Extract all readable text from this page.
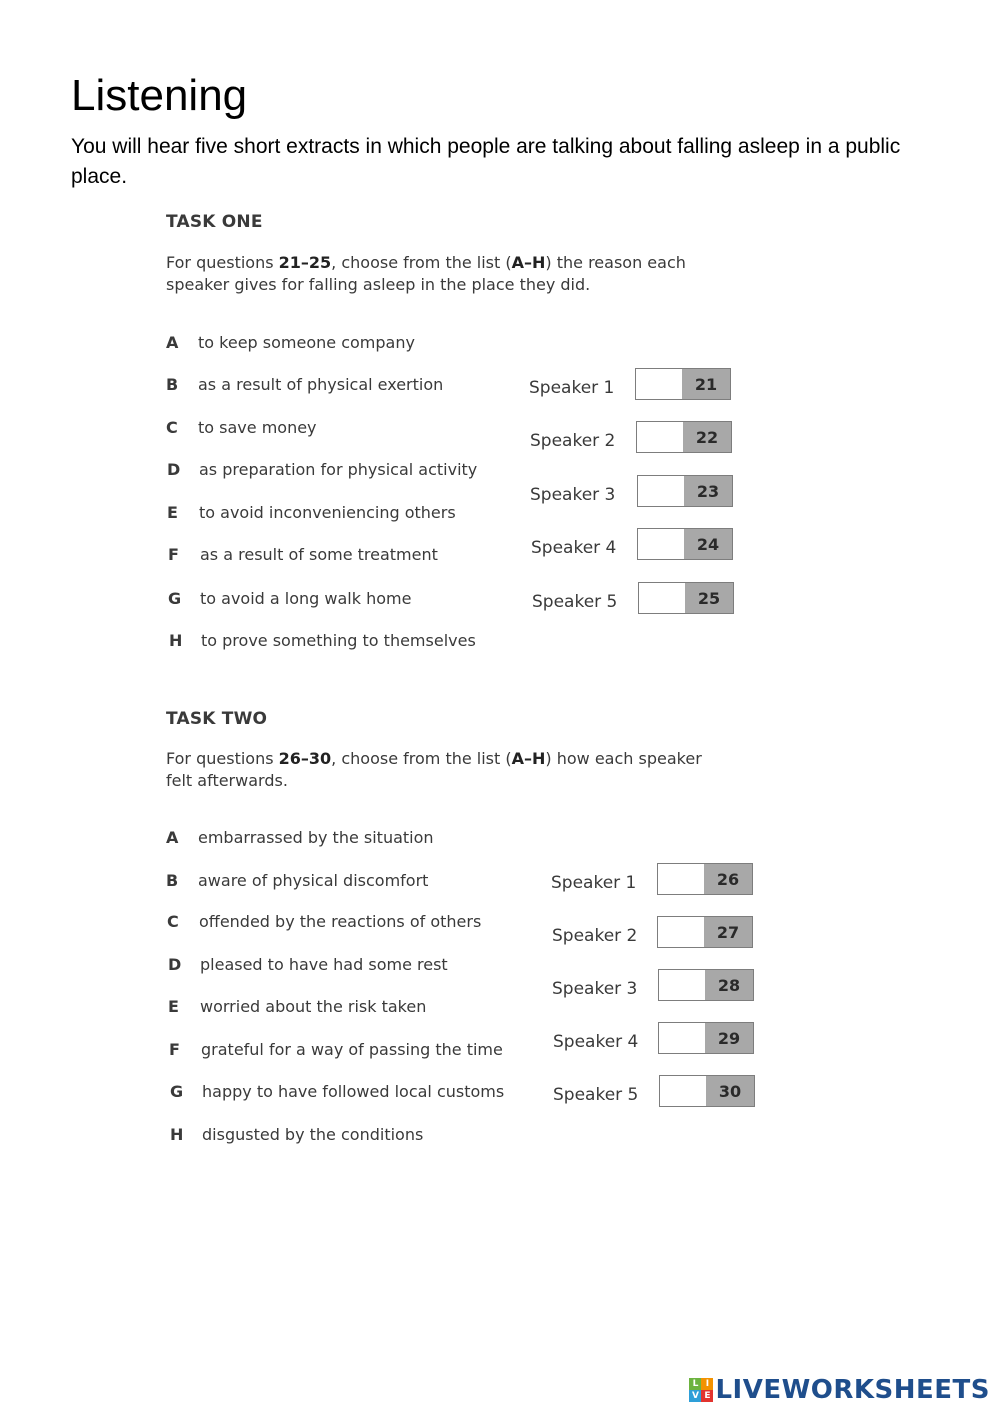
Listening

You will hear five short extracts in which people are talking about falling asleep in a public place.

TASK ONE
For questions 21–25, choose from the list (A–H) the reason each speaker gives for falling asleep in the place they did.
A to keep someone company
B as a result of physical exertion
C to save money
D as preparation for physical activity
E to avoid inconveniencing others
F as a result of some treatment
G to avoid a long walk home
H to prove something to themselves
Speaker 1	21
Speaker 2	22
Speaker 3	23
Speaker 4	24
Speaker 5	25
TASK TWO
For questions 26–30, choose from the list (A–H) how each speaker felt afterwards.
A embarrassed by the situation
B aware of physical discomfort
C offended by the reactions of others
D pleased to have had some rest
E worried about the risk taken
F grateful for a way of passing the time
G happy to have followed local customs
H disgusted by the conditions
Speaker 1	26
Speaker 2	27
Speaker 3	28
Speaker 4	29
Speaker 5	30
L I
V E LIVEWORKSHEETS
